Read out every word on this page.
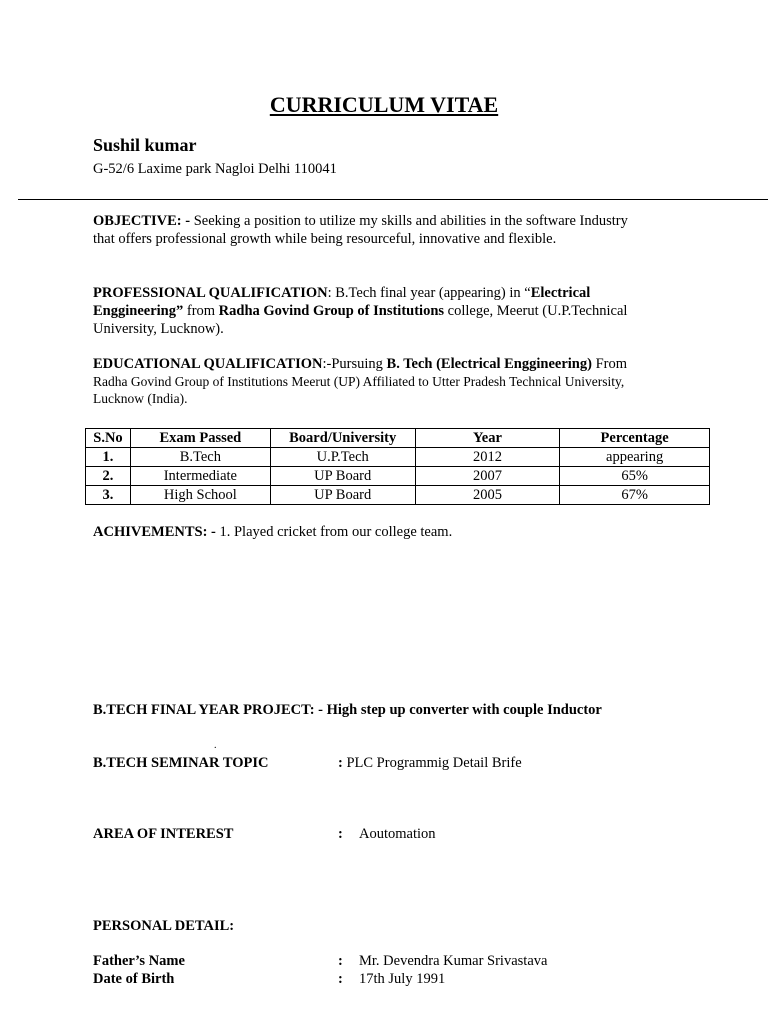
CURRICULUM VITAE
Sushil kumar
G-52/6 Laxime park Nagloi Delhi 110041
OBJECTIVE: - Seeking a position to utilize my skills and abilities in the software Industry
that offers professional growth while being resourceful, innovative and flexible.
PROFESSIONAL QUALIFICATION: B.Tech final year (appearing) in “Electrical
Enggineering” from Radha Govind Group of Institutions college, Meerut (U.P.Technical
University, Lucknow).
EDUCATIONAL QUALIFICATION:-Pursuing B. Tech (Electrical Enggineering) From
Radha Govind Group of Institutions Meerut (UP) Affiliated to Utter Pradesh Technical University,
Lucknow (India).
S.No	Exam Passed	Board/University	Year	Percentage
1.	B.Tech	U.P.Tech	2012	appearing
2.	Intermediate	UP Board	2007	65%
3.	High School	UP Board	2005	67%
ACHIVEMENTS: - 1. Played cricket from our college team.
B.TECH FINAL YEAR PROJECT: - High step up converter with couple Inductor
.
B.TECH SEMINAR TOPIC	: PLC Programmig Detail Brife
AREA OF INTEREST	: Aoutomation
PERSONAL DETAIL:
Father’s Name	: Mr. Devendra Kumar Srivastava
Date of Birth	: 17th July 1991
